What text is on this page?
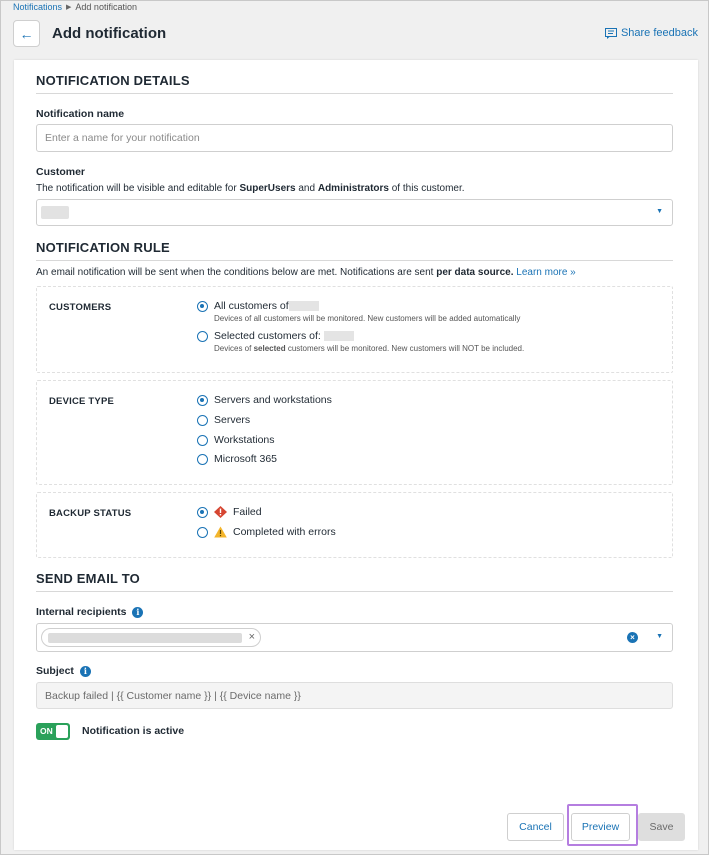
Notifications ▶ Add notification
← Add notification	Share feedback
NOTIFICATION DETAILS
Notification name
Enter a name for your notification
Customer
The notification will be visible and editable for SuperUsers and Administrators of this customer.
▼
NOTIFICATION RULE
An email notification will be sent when the conditions below are met. Notifications are sent per data source. Learn more »
CUSTOMERS	All customers of
Devices of all customers will be monitored. New customers will be added automatically
Selected customers of:
Devices of selected customers will be monitored. New customers will NOT be included.
DEVICE TYPE	Servers and workstations
Servers
Workstations
Microsoft 365
BACKUP STATUS	Failed
Completed with errors
SEND EMAIL TO
Internal recipients	i
×	×	▼
Subject	i
Backup failed | {{ Customer name }} | {{ Device name }}
ON	Notification is active
Cancel	Preview	Save
